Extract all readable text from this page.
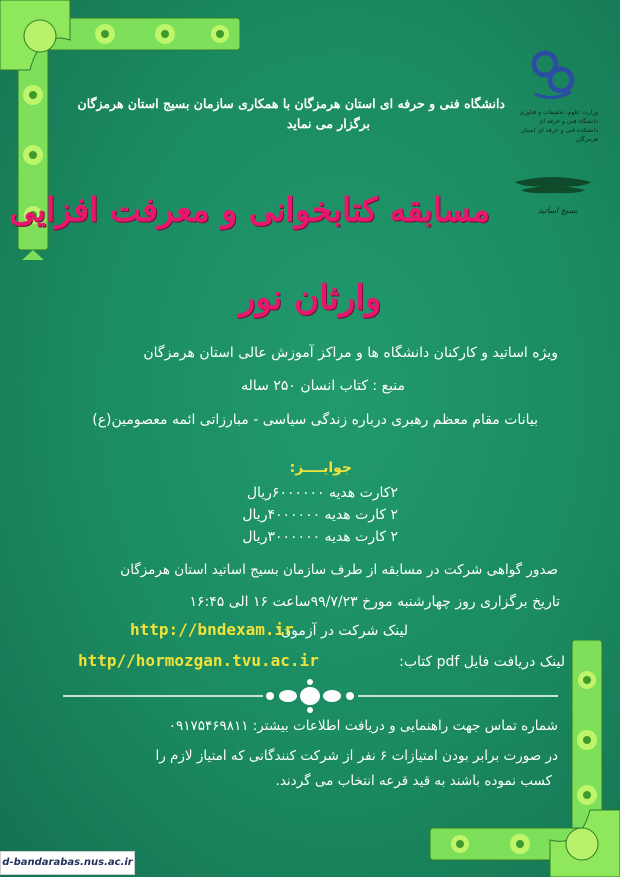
وزارت علوم، تحقیقات و فناوری
دانشگاه فنی و حرفه ای
دانشکده فنی و حرفه ای استان هرمزگان
بسیج اساتید
دانشگاه فنی و حرفه ای استان هرمزگان با همکاری سازمان بسیج استان هرمزگان
برگزار می نماید
مسابقه کتابخوانی و معرفت افزایی
وارثان نور
ویژه اساتید و کارکنان دانشگاه ها و مراکز آموزش عالی استان هرمزگان
منبع : کتاب انسان ۲۵۰ ساله
بیانات مقام معظم رهبری درباره زندگی سیاسی - مبارزاتی ائمه معصومین(ع)
جوایــــز:
۲کارت هدیه ۶۰۰۰۰۰۰ریال
۲ کارت هدیه ۴۰۰۰۰۰۰ریال
۲ کارت هدیه ۳۰۰۰۰۰۰ریال
صدور گواهی شرکت در مسابقه از طرف سازمان بسیج اساتید استان هرمزگان
تاریخ برگزاری روز چهارشنبه مورخ ۹۹/۷/۲۳ساعت ۱۶ الی ۱۶:۴۵
لینک شرکت در آزمون:
http://bndexam.ir
لینک دریافت فایل pdf کتاب:
http//hormozgan.tvu.ac.ir
شماره تماس جهت راهنمایی و دریافت اطلاعات بیشتر: ۰۹۱۷۵۴۶۹۸۱۱
در صورت برابر بودن امتیازات ۶ نفر از شرکت کنندگانی که امتیاز لازم را
کسب نموده باشند به قید قرعه انتخاب می گردند.
d-bandarabas.nus.ac.ir
